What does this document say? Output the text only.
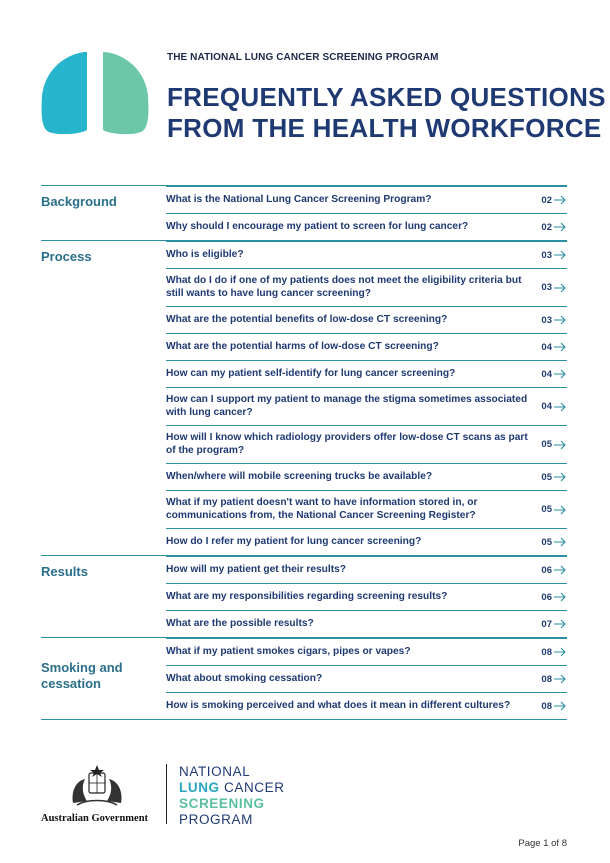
THE NATIONAL LUNG CANCER SCREENING PROGRAM
FREQUENTLY ASKED QUESTIONS
FROM THE HEALTH WORKFORCE
Background	What is the National Lung Cancer Screening Program?	02
Why should I encourage my patient to screen for lung cancer?	02
Process	Who is eligible?	03
What do I do if one of my patients does not meet the eligibility criteria but still wants to have lung cancer screening?	03
What are the potential benefits of low-dose CT screening?	03
What are the potential harms of low-dose CT screening?	04
How can my patient self-identify for lung cancer screening?	04
How can I support my patient to manage the stigma sometimes associated with lung cancer?	04
How will I know which radiology providers offer low-dose CT scans as part of the program?	05
When/where will mobile screening trucks be available?	05
What if my patient doesn't want to have information stored in, or communications from, the National Cancer Screening Register?	05
How do I refer my patient for lung cancer screening?	05
Results	How will my patient get their results?	06
What are my responsibilities regarding screening results?	06
What are the possible results?	07
Smoking and cessation
What if my patient smokes cigars, pipes or vapes?	08
What about smoking cessation?	08
How is smoking perceived and what does it mean in different cultures?	08
Australian Government
NATIONAL
LUNG CANCER
SCREENING
PROGRAM
Page 1 of 8
